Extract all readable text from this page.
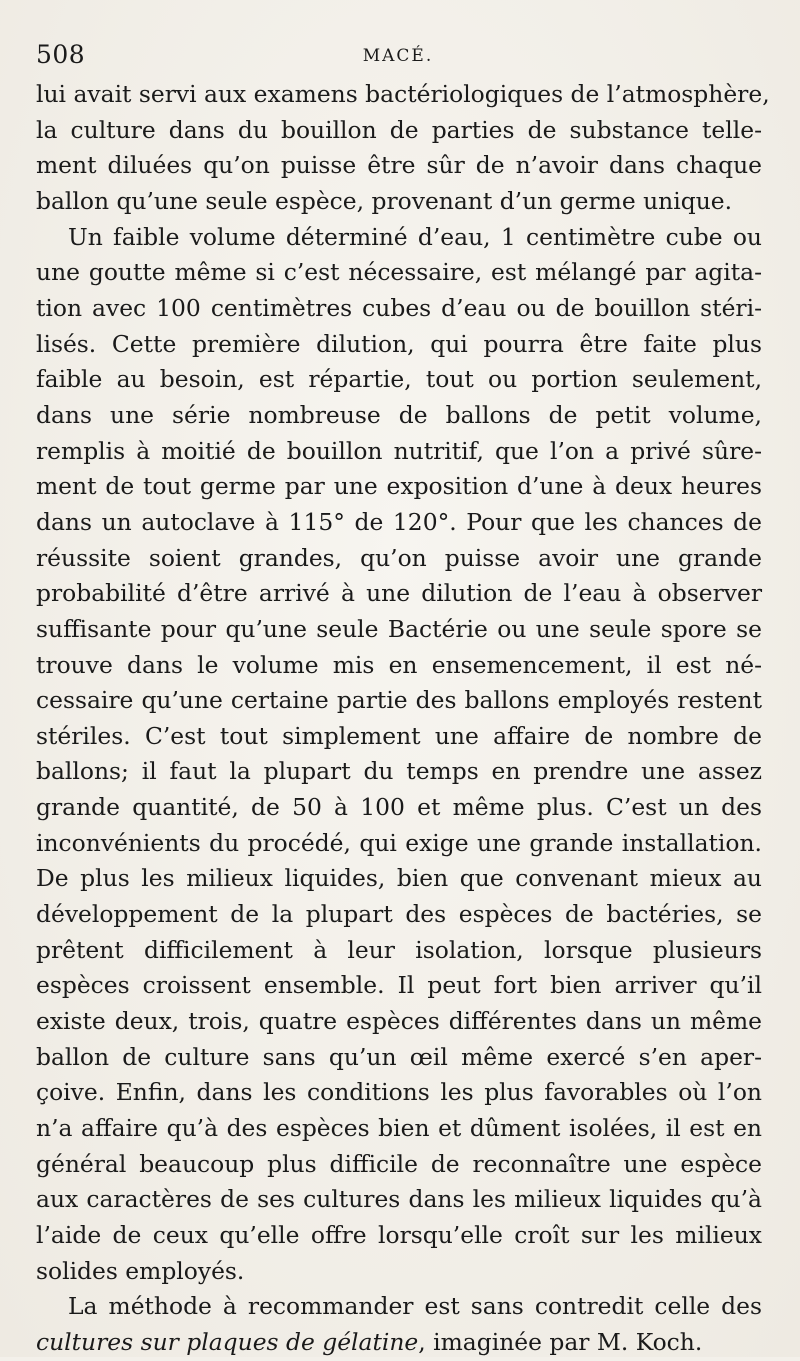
508	MACÉ.
lui avait servi aux examens bactériologiques de l’atmosphère,
la culture dans du bouillon de parties de substance telle-
ment diluées qu’on puisse être sûr de n’avoir dans chaque
ballon qu’une seule espèce, provenant d’un germe unique.
Un faible volume déterminé d’eau, 1 centimètre cube ou
une goutte même si c’est nécessaire, est mélangé par agita-
tion avec 100 centimètres cubes d’eau ou de bouillon stéri-
lisés. Cette première dilution, qui pourra être faite plus
faible au besoin, est répartie, tout ou portion seulement,
dans une série nombreuse de ballons de petit volume,
remplis à moitié de bouillon nutritif, que l’on a privé sûre-
ment de tout germe par une exposition d’une à deux heures
dans un autoclave à 115° de 120°. Pour que les chances de
réussite soient grandes, qu’on puisse avoir une grande
probabilité d’être arrivé à une dilution de l’eau à observer
suffisante pour qu’une seule Bactérie ou une seule spore se
trouve dans le volume mis en ensemencement, il est né-
cessaire qu’une certaine partie des ballons employés restent
stériles. C’est tout simplement une affaire de nombre de
ballons; il faut la plupart du temps en prendre une assez
grande quantité, de 50 à 100 et même plus. C’est un des
inconvénients du procédé, qui exige une grande installation.
De plus les milieux liquides, bien que convenant mieux au
développement de la plupart des espèces de bactéries, se
prêtent difficilement à leur isolation, lorsque plusieurs
espèces croissent ensemble. Il peut fort bien arriver qu’il
existe deux, trois, quatre espèces différentes dans un même
ballon de culture sans qu’un œil même exercé s’en aper-
çoive. Enfin, dans les conditions les plus favorables où l’on
n’a affaire qu’à des espèces bien et dûment isolées, il est en
général beaucoup plus difficile de reconnaître une espèce
aux caractères de ses cultures dans les milieux liquides qu’à
l’aide de ceux qu’elle offre lorsqu’elle croît sur les milieux
solides employés.
La méthode à recommander est sans contredit celle des
cultures sur plaques de gélatine, imaginée par M. Koch.
